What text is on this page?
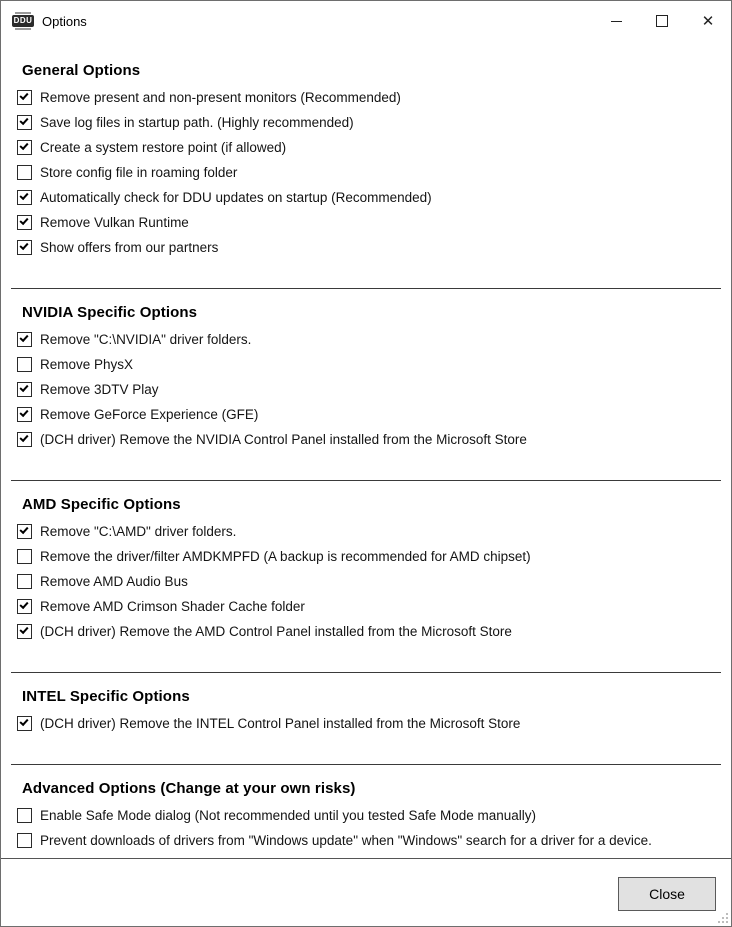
DDU Options	✕
General Options
Remove present and non-present monitors (Recommended)
Save log files in startup path. (Highly recommended)
Create a system restore point (if allowed)
Store config file in roaming folder
Automatically check for DDU updates on startup (Recommended)
Remove Vulkan Runtime
Show offers from our partners
NVIDIA Specific Options
Remove "C:\NVIDIA" driver folders.
Remove PhysX
Remove 3DTV Play
Remove GeForce Experience (GFE)
(DCH driver) Remove the NVIDIA Control Panel installed from the Microsoft Store
AMD Specific Options
Remove "C:\AMD" driver folders.
Remove the driver/filter AMDKMPFD (A backup is recommended for AMD chipset)
Remove AMD Audio Bus
Remove AMD Crimson Shader Cache folder
(DCH driver) Remove the AMD Control Panel installed from the Microsoft Store
INTEL Specific Options
(DCH driver) Remove the INTEL Control Panel installed from the Microsoft Store
Advanced Options (Change at your own risks)
Enable Safe Mode dialog (Not recommended until you tested Safe Mode manually)
Prevent downloads of drivers from "Windows update" when "Windows" search for a driver for a device.
Close
